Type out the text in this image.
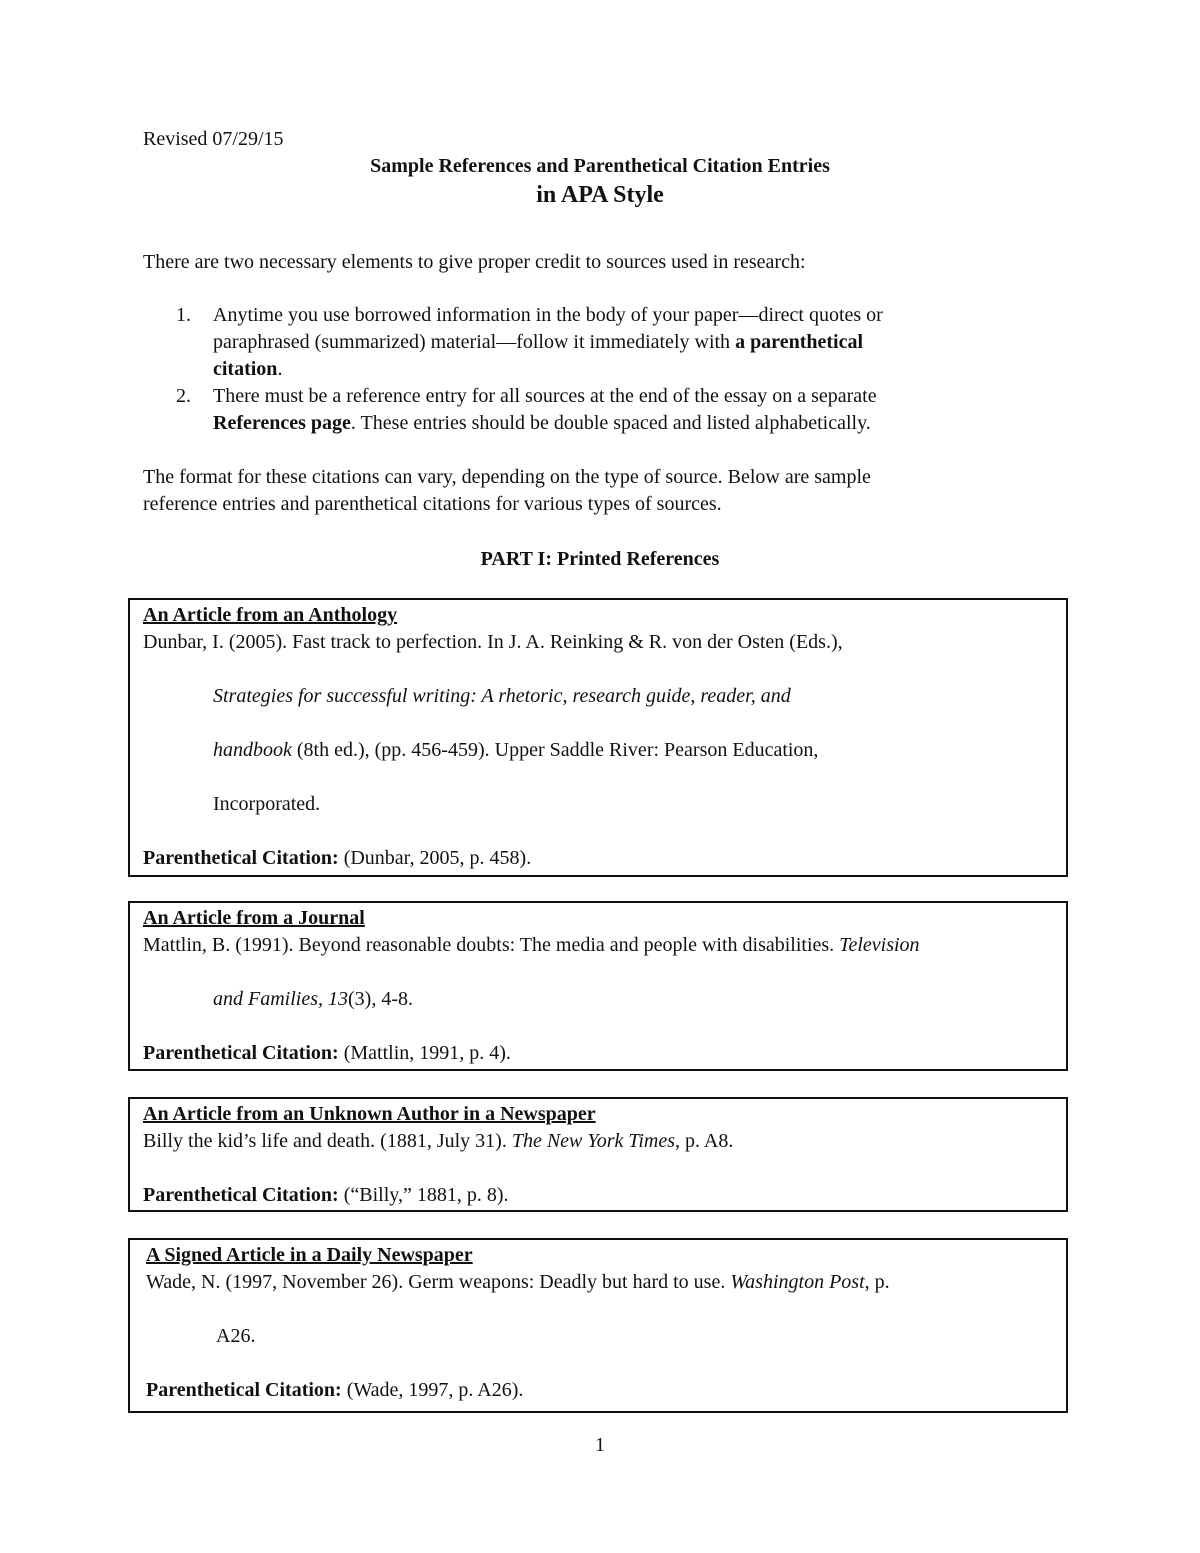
Revised 07/29/15
Sample References and Parenthetical Citation Entries
in APA Style
There are two necessary elements to give proper credit to sources used in research:
1. Anytime you use borrowed information in the body of your paper—direct quotes or
paraphrased (summarized) material—follow it immediately with a parenthetical
citation.
2. There must be a reference entry for all sources at the end of the essay on a separate
References page. These entries should be double spaced and listed alphabetically.
The format for these citations can vary, depending on the type of source. Below are sample
reference entries and parenthetical citations for various types of sources.
PART I: Printed References
An Article from an Anthology
Dunbar, I. (2005). Fast track to perfection. In J. A. Reinking & R. von der Osten (Eds.),
Strategies for successful writing: A rhetoric, research guide, reader, and
handbook (8th ed.), (pp. 456-459). Upper Saddle River: Pearson Education,
Incorporated.
Parenthetical Citation: (Dunbar, 2005, p. 458).
An Article from a Journal
Mattlin, B. (1991). Beyond reasonable doubts: The media and people with disabilities. Television
and Families, 13(3), 4-8.
Parenthetical Citation: (Mattlin, 1991, p. 4).
An Article from an Unknown Author in a Newspaper
Billy the kid’s life and death. (1881, July 31). The New York Times, p. A8.
Parenthetical Citation: (“Billy,” 1881, p. 8).
A Signed Article in a Daily Newspaper
Wade, N. (1997, November 26). Germ weapons: Deadly but hard to use. Washington Post, p.
A26.
Parenthetical Citation: (Wade, 1997, p. A26).
1
